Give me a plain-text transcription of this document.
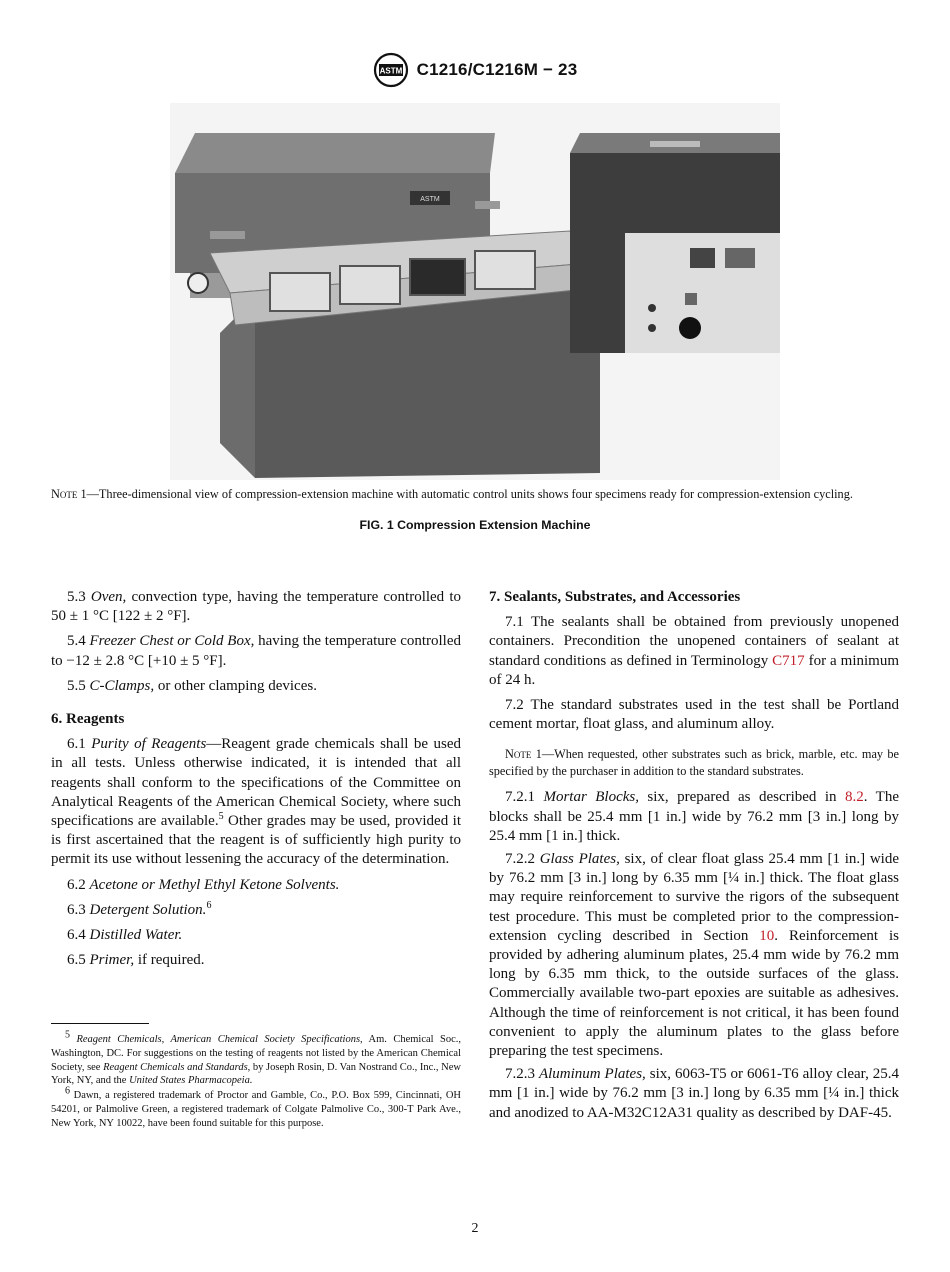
ASTM C1216/C1216M − 23
ASTM
Note 1—Three-dimensional view of compression-extension machine with automatic control units shows four specimens ready for compression-extension cycling.
FIG. 1 Compression Extension Machine

5.3 Oven, convection type, having the temperature controlled to 50 ± 1 °C [122 ± 2 °F].

5.4 Freezer Chest or Cold Box, having the temperature controlled to −12 ± 2.8 °C [+10 ± 5 °F].

5.5 C-Clamps, or other clamping devices.

6. Reagents

6.1 Purity of Reagents—Reagent grade chemicals shall be used in all tests. Unless otherwise indicated, it is intended that all reagents shall conform to the specifications of the Committee on Analytical Reagents of the American Chemical Society, where such specifications are available.$^5$ Other grades may be used, provided it is first ascertained that the reagent is of sufficiently high purity to permit its use without lessening the accuracy of the determination.

6.2 Acetone or Methyl Ethyl Ketone Solvents.

6.3 Detergent Solution.$^6$

6.4 Distilled Water.

6.5 Primer, if required.

7. Sealants, Substrates, and Accessories

7.1 The sealants shall be obtained from previously unopened containers. Precondition the unopened containers of sealant at standard conditions as defined in Terminology C717 for a minimum of 24 h.

7.2 The standard substrates used in the test shall be Portland cement mortar, float glass, and aluminum alloy.

Note 1—When requested, other substrates such as brick, marble, etc. may be specified by the purchaser in addition to the standard substrates.

7.2.1 Mortar Blocks, six, prepared as described in 8.2. The blocks shall be 25.4 mm [1 in.] wide by 76.2 mm [3 in.] long by 25.4 mm [1 in.] thick.

7.2.2 Glass Plates, six, of clear float glass 25.4 mm [1 in.] wide by 76.2 mm [3 in.] long by 6.35 mm [¼ in.] thick. The float glass may require reinforcement to survive the rigors of the subsequent test procedure. This must be completed prior to the compression-extension cycling described in Section 10. Reinforcement is provided by adhering aluminum plates, 25.4 mm wide by 76.2 mm long by 6.35 mm thick, to the outside surfaces of the glass. Commercially available two-part epoxies are suitable as adhesives. Although the time of reinforcement is not critical, it has been found convenient to apply the aluminum plates to the glass before preparing the test specimens.

7.2.3 Aluminum Plates, six, 6063-T5 or 6061-T6 alloy clear, 25.4 mm [1 in.] wide by 76.2 mm [3 in.] long by 6.35 mm [¼ in.] thick and anodized to AA-M32C12A31 quality as described by DAF-45.

$^5$ Reagent Chemicals, American Chemical Society Specifications, Am. Chemical Soc., Washington, DC. For suggestions on the testing of reagents not listed by the American Chemical Society, see Reagent Chemicals and Standards, by Joseph Rosin, D. Van Nostrand Co., Inc., New York, NY, and the United States Pharmacopeia.

$^6$ Dawn, a registered trademark of Proctor and Gamble, Co., P.O. Box 599, Cincinnati, OH 54201, or Palmolive Green, a registered trademark of Colgate Palmolive Co., 300-T Park Ave., New York, NY 10022, have been found suitable for this purpose.

2
